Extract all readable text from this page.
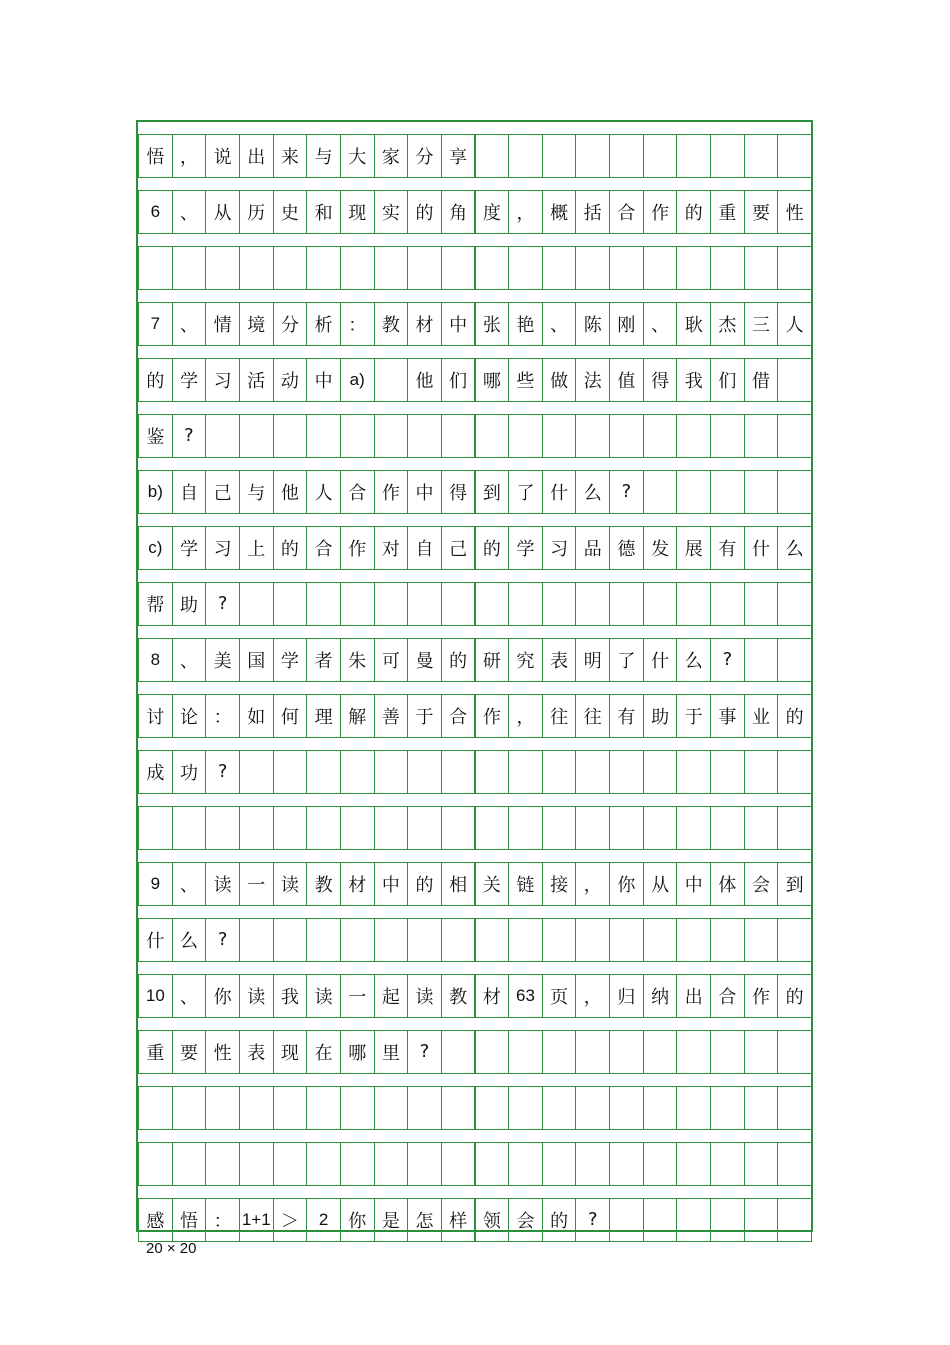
悟 ， 说 出 来 与 大 家 分 享
6	、 从 历 史 和 现 实 的 角 度 ， 概 括 合 作 的 重 要 性
7	、 情 境 分 析 ： 教 材 中 张 艳 、 陈 刚 、 耿 杰 三 人
的 学 习 活 动 中	a)	他 们 哪 些 做 法 值 得 我 们 借
鉴	?
b) 自 己 与 他 人 合 作 中 得 到 了 什 么	?
c) 学 习 上 的 合 作 对 自 己 的 学 习 品 德 发 展 有 什 么
帮 助	?
8	、 美 国 学 者 朱 可 曼 的 研 究 表 明 了 什 么	?
讨 论 ： 如 何 理 解 善 于 合 作 ， 往 往 有 助 于 事 业 的
成 功	?
9	、 读 一 读 教 材 中 的 相 关 链 接 ， 你 从 中 体 会 到
什 么	?
10 、 你 读 我 读 一 起 读 教 材 63 页 ， 归 纳 出 合 作 的
重 要 性 表 现 在 哪 里	?
感 悟 ： 1+1 ＞	2	你 是 怎 样 领 会 的	?
20 × 20
